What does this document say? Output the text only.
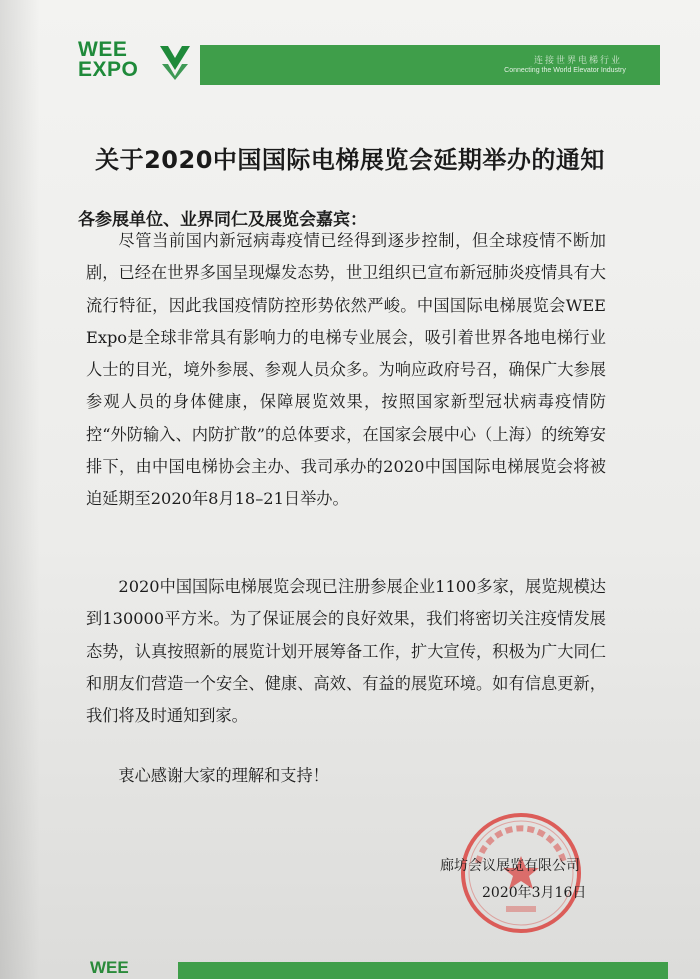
WEE
EXPO	连接世界电梯行业
Connecting the World Elevator Industry
关于2020中国国际电梯展览会延期举办的通知
各参展单位、业界同仁及展览会嘉宾：
尽管当前国内新冠病毒疫情已经得到逐步控制，但全球疫情不断加剧，已经在世界多国呈现爆发态势，世卫组织已宣布新冠肺炎疫情具有大流行特征，因此我国疫情防控形势依然严峻。中国国际电梯展览会WEE Expo是全球非常具有影响力的电梯专业展会，吸引着世界各地电梯行业人士的目光，境外参展、参观人员众多。为响应政府号召，确保广大参展参观人员的身体健康，保障展览效果，按照国家新型冠状病毒疫情防控“外防输入、内防扩散”的总体要求，在国家会展中心（上海）的统筹安排下，由中国电梯协会主办、我司承办的2020中国国际电梯展览会将被迫延期至2020年8月18–21日举办。
2020中国国际电梯展览会现已注册参展企业1100多家，展览规模达到130000平方米。为了保证展会的良好效果，我们将密切关注疫情发展态势，认真按照新的展览计划开展筹备工作，扩大宣传，积极为广大同仁和朋友们营造一个安全、健康、高效、有益的展览环境。如有信息更新，我们将及时通知到家。
衷心感谢大家的理解和支持！
廊坊会议展览有限公司
2020年3月16日
WEE
